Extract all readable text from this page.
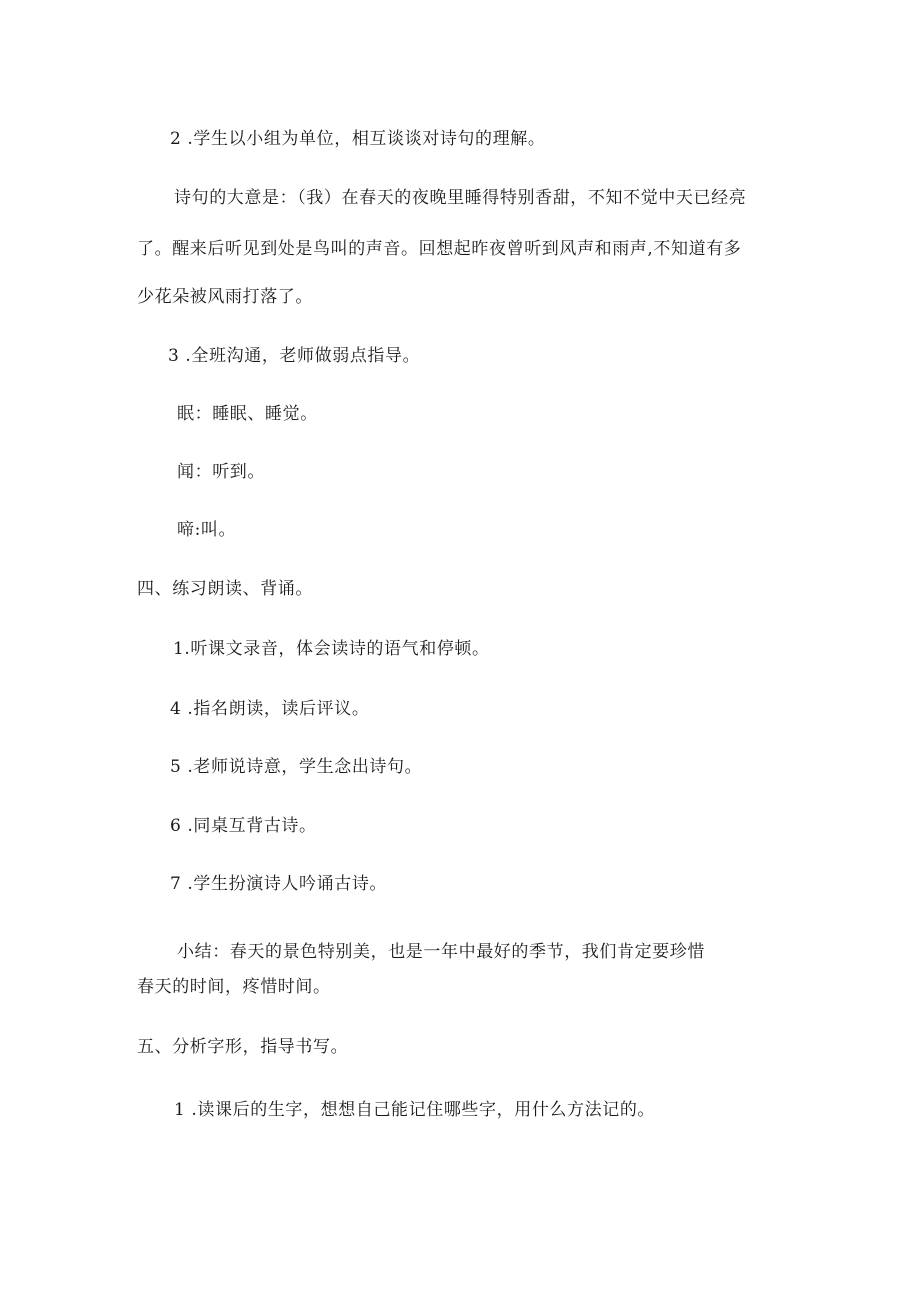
2 .学生以小组为单位，相互谈谈对诗句的理解。
诗句的大意是：（我）在春天的夜晚里睡得特别香甜，不知不觉中天已经亮
了。醒来后听见到处是鸟叫的声音。回想起昨夜曾听到风声和雨声,不知道有多
少花朵被风雨打落了。
3 .全班沟通，老师做弱点指导。
眠：睡眠、睡觉。
闻：听到。
啼:叫。
四、练习朗读、背诵。
1.听课文录音，体会读诗的语气和停顿。
4 .指名朗读，读后评议。
5 .老师说诗意，学生念出诗句。
6 .同桌互背古诗。
7 .学生扮演诗人吟诵古诗。
小结：春天的景色特别美，也是一年中最好的季节，我们肯定要珍惜
春天的时间，疼惜时间。
五、分析字形，指导书写。
1 .读课后的生字，想想自己能记住哪些字，用什么方法记的。
